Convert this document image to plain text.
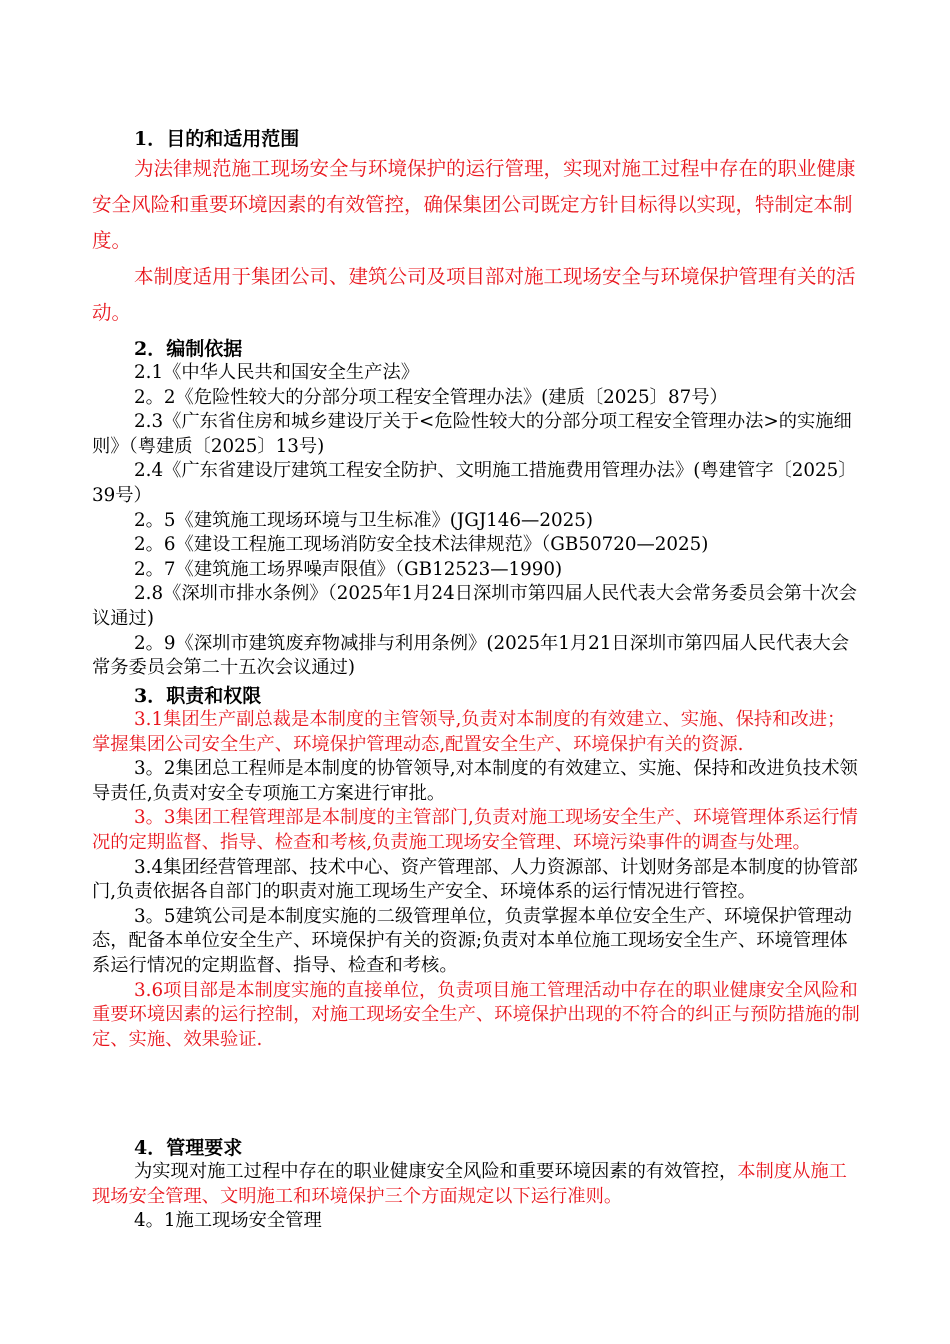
1．目的和适用范围

为法律规范施工现场安全与环境保护的运行管理，实现对施工过程中存在的职业健康安全风险和重要环境因素的有效管控，确保集团公司既定方针目标得以实现，特制定本制度。

本制度适用于集团公司、建筑公司及项目部对施工现场安全与环境保护管理有关的活动。

2．编制依据

2.1《中华人民共和国安全生产法》

2。2《危险性较大的分部分项工程安全管理办法》(建质〔2025〕87号）

2.3《广东省住房和城乡建设厅关于<危险性较大的分部分项工程安全管理办法>的实施细则》（粤建质〔2025〕13号)

2.4《广东省建设厅建筑工程安全防护、文明施工措施费用管理办法》(粤建管字〔2025〕39号）

2。5《建筑施工现场环境与卫生标准》(JGJ146—2025)

2。6《建设工程施工现场消防安全技术法律规范》（GB50720—2025)

2。7《建筑施工场界噪声限值》（GB12523—1990)

2.8《深圳市排水条例》（2025年1月24日深圳市第四届人民代表大会常务委员会第十次会议通过)

2。9《深圳市建筑废弃物减排与利用条例》(2025年1月21日深圳市第四届人民代表大会常务委员会第二十五次会议通过)

3．职责和权限

3.1集团生产副总裁是本制度的主管领导,负责对本制度的有效建立、实施、保持和改进；掌握集团公司安全生产、环境保护管理动态,配置安全生产、环境保护有关的资源.

3。2集团总工程师是本制度的协管领导,对本制度的有效建立、实施、保持和改进负技术领导责任,负责对安全专项施工方案进行审批。

3。3集团工程管理部是本制度的主管部门,负责对施工现场安全生产、环境管理体系运行情况的定期监督、指导、检查和考核,负责施工现场安全管理、环境污染事件的调查与处理。

3.4集团经营管理部、技术中心、资产管理部、人力资源部、计划财务部是本制度的协管部门,负责依据各自部门的职责对施工现场生产安全、环境体系的运行情况进行管控。

3。5建筑公司是本制度实施的二级管理单位，负责掌握本单位安全生产、环境保护管理动态，配备本单位安全生产、环境保护有关的资源;负责对本单位施工现场安全生产、环境管理体系运行情况的定期监督、指导、检查和考核。

3.6项目部是本制度实施的直接单位，负责项目施工管理活动中存在的职业健康安全风险和重要环境因素的运行控制，对施工现场安全生产、环境保护出现的不符合的纠正与预防措施的制定、实施、效果验证.

4．管理要求

为实现对施工过程中存在的职业健康安全风险和重要环境因素的有效管控，本制度从施工现场安全管理、文明施工和环境保护三个方面规定以下运行准则。

4。1施工现场安全管理
